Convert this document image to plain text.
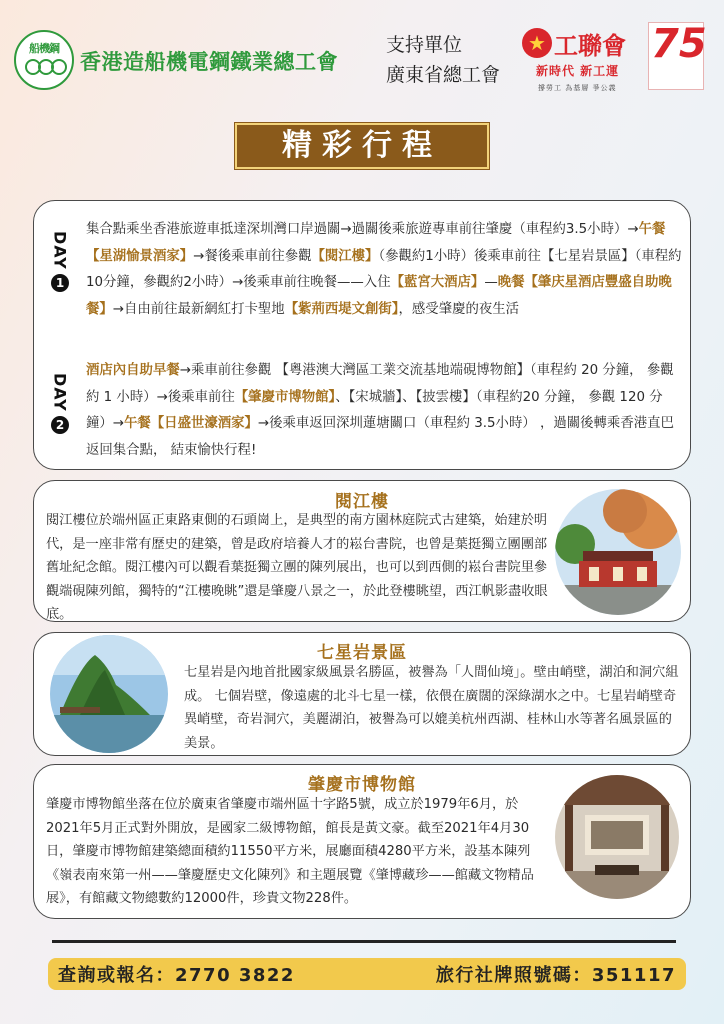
船機鋼
香港造船機電鋼鐵業總工會
支持單位
廣東省總工會
★ 工聯會
新時代 新工運
撐勞工 為基層 爭公義
75
精彩行程
DAY
1
集合點乘坐香港旅遊車抵達深圳灣口岸過關→過關後乘旅遊專車前往肇慶（車程約3.5小時）→午餐【星湖愉景酒家】→餐後乘車前往參觀【閱江樓】（參觀約1小時）後乘車前往【七星岩景區】（車程約10分鐘，參觀約2小時）→後乘車前往晚餐——入住【藍宮大酒店】—晚餐【肇庆星酒店豐盛自助晚餐】→自由前往最新網紅打卡聖地【紫荊西堤文創街】，感受肇慶的夜生活
DAY
2
酒店內自助早餐→乘車前往參觀 【粵港澳大灣區工業交流基地端硯博物館】（車程約 20 分鐘， 參觀約 1 小時）→後乘車前往【肇慶市博物館】、【宋城牆】、【披雲樓】（車程約20 分鐘， 參觀 120 分鐘）→午餐【日盛世濠酒家】→後乘車返回深圳蓮塘關口（車程約 3.5小時） ，過關後轉乘香港直巴返回集合點， 結束愉快行程!
閱江樓
閱江樓位於端州區正東路東側的石頭崗上，是典型的南方園林庭院式古建築，始建於明代，是一座非常有歷史的建築，曾是政府培養人才的崧台書院，也曾是葉挺獨立團團部舊址紀念館。閱江樓內可以觀看葉挺獨立團的陳列展出，也可以到西側的崧台書院里參觀端硯陳列館，獨特的“江樓晚眺”還是肇慶八景之一，於此登樓眺望，西江帆影盡收眼底。
七星岩景區
七星岩是內地首批國家級風景名勝區，被譽為「人間仙境」。壁由峭壁，湖泊和洞穴組成。 七個岩壁，像遠處的北斗七星一樣，依偎在廣闊的深綠湖水之中。七星岩峭壁奇異峭壁，奇岩洞穴，美麗湖泊，被譽為可以媲美杭州西湖、桂林山水等著名風景區的美景。
肇慶市博物館
肇慶市博物館坐落在位於廣東省肇慶市端州區十字路5號，成立於1979年6月，於2021年5月正式對外開放，是國家二級博物館，館長是黃文豪。截至2021年4月30日，肇慶市博物館建築總面積約11550平方米，展廳面積4280平方米，設基本陳列《嶺表南來第一州——肇慶歷史文化陳列》和主題展覽《肇博藏珍——館藏文物精品展》，有館藏文物總數約12000件，珍貴文物228件。
查詢或報名：2770 3822	旅行社牌照號碼：351117
